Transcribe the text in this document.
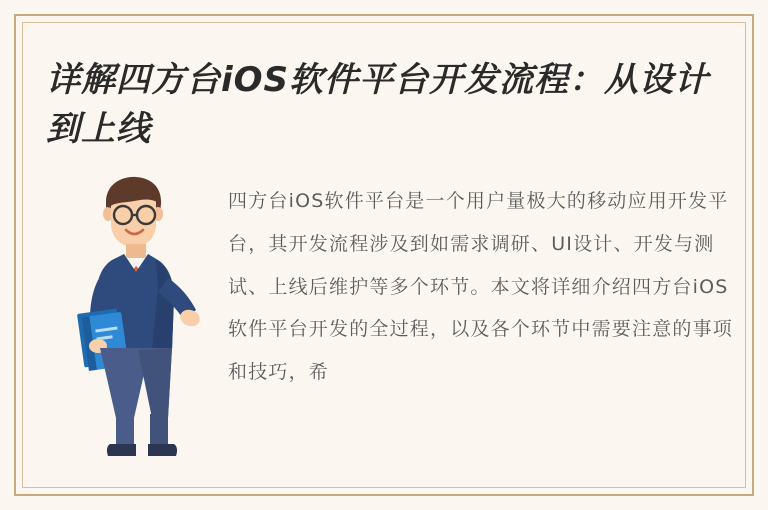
详解四方台iOS软件平台开发流程：从设计到上线
四方台iOS软件平台是一个用户量极大的移动应用开发平台，其开发流程涉及到如需求调研、UI设计、开发与测试、上线后维护等多个环节。本文将详细介绍四方台iOS软件平台开发的全过程，以及各个环节中需要注意的事项和技巧，希
